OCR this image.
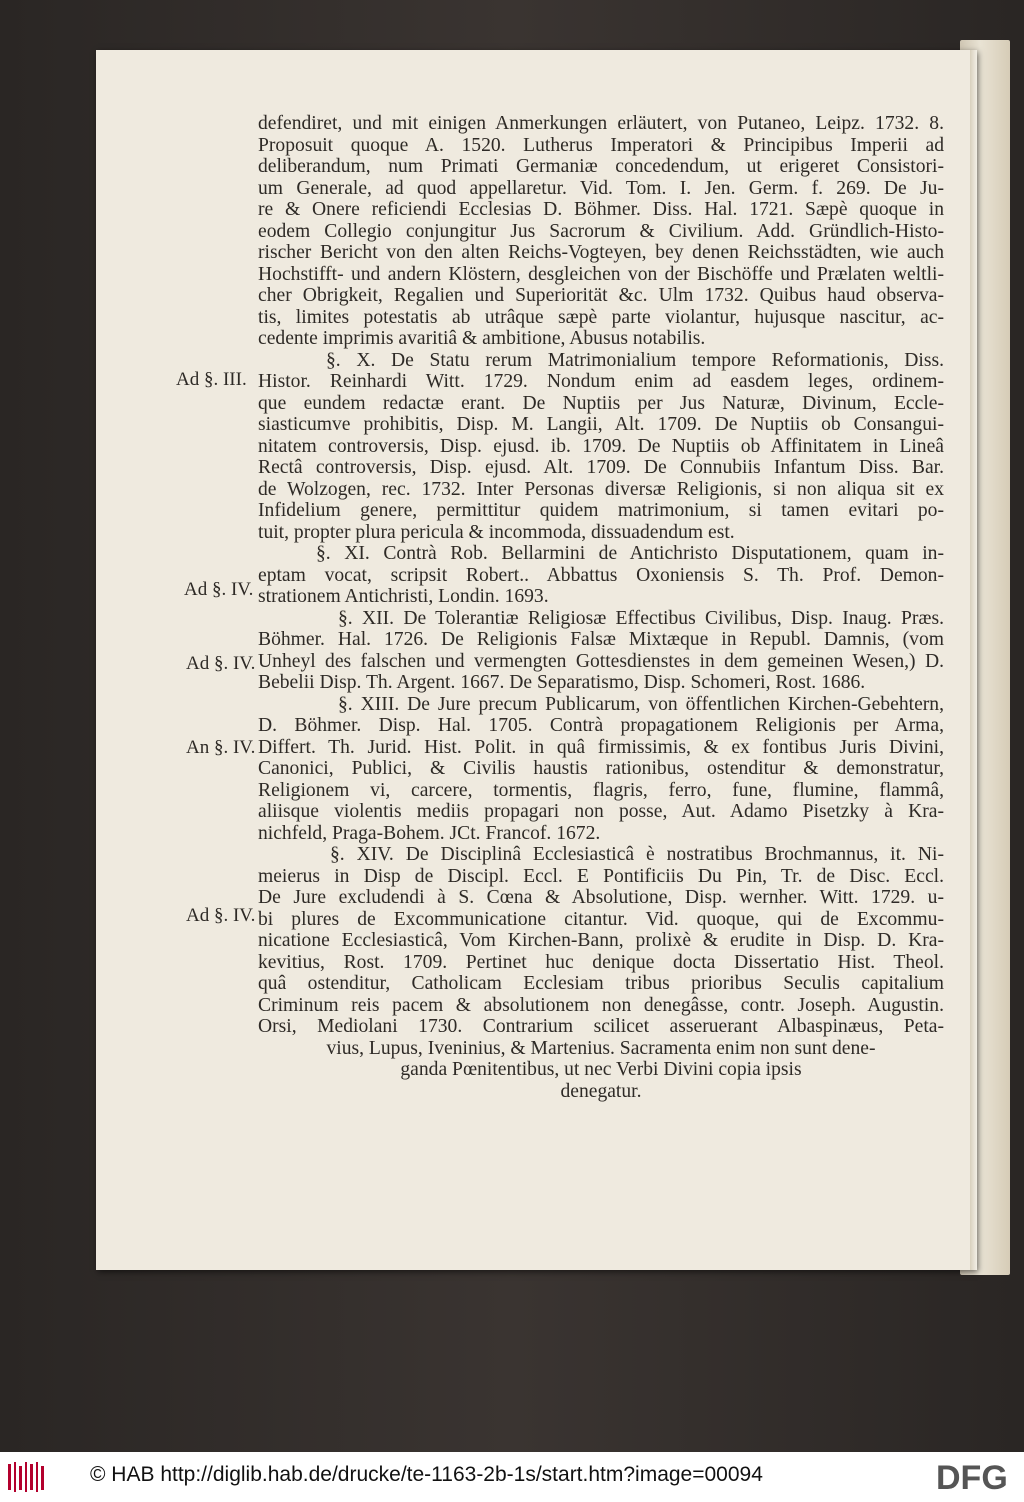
defendiret, und mit einigen Anmerkungen erläutert, von Putaneo, Leipz. 1732. 8.
Proposuit quoque A. 1520. Lutherus Imperatori & Principibus Imperii ad
deliberandum, num Primati Germaniæ concedendum, ut erigeret Consistori-
um Generale, ad quod appellaretur. Vid. Tom. I. Jen. Germ. f. 269. De Ju-
re & Onere reficiendi Ecclesias D. Böhmer. Diss. Hal. 1721. Sæpè quoque in
eodem Collegio conjungitur Jus Sacrorum & Civilium. Add. Gründlich-Histo-
rischer Bericht von den alten Reichs-Vogteyen, bey denen Reichsstädten, wie auch
Hochstifft- und andern Klöstern, desgleichen von der Bischöffe und Prælaten weltli-
cher Obrigkeit, Regalien und Superiorität &c. Ulm 1732. Quibus haud observa-
tis, limites potestatis ab utrâque sæpè parte violantur, hujusque nascitur, ac-
cedente imprimis avaritiâ & ambitione, Abusus notabilis.
§. X. De Statu rerum Matrimonialium tempore Reformationis, Diss.
Histor. Reinhardi Witt. 1729. Nondum enim ad easdem leges, ordinem-
que eundem redactæ erant. De Nuptiis per Jus Naturæ, Divinum, Eccle-
siasticumve prohibitis, Disp. M. Langii, Alt. 1709. De Nuptiis ob Consangui-
nitatem controversis, Disp. ejusd. ib. 1709. De Nuptiis ob Affinitatem in Lineâ
Rectâ controversis, Disp. ejusd. Alt. 1709. De Connubiis Infantum Diss. Bar.
de Wolzogen, rec. 1732. Inter Personas diversæ Religionis, si non aliqua sit ex
Infidelium genere, permittitur quidem matrimonium, si tamen evitari po-
tuit, propter plura pericula & incommoda, dissuadendum est.
§. XI. Contrà Rob. Bellarmini de Antichristo Disputationem, quam in-
eptam vocat, scripsit Robert.. Abbattus Oxoniensis S. Th. Prof. Demon-
strationem Antichristi, Londin. 1693.
§. XII. De Tolerantiæ Religiosæ Effectibus Civilibus, Disp. Inaug. Præs.
Böhmer. Hal. 1726. De Religionis Falsæ Mixtæque in Republ. Damnis, (vom
Unheyl des falschen und vermengten Gottesdienstes in dem gemeinen Wesen,) D.
Bebelii Disp. Th. Argent. 1667. De Separatismo, Disp. Schomeri, Rost. 1686.
§. XIII. De Jure precum Publicarum, von öffentlichen Kirchen-Gebehtern,
D. Böhmer. Disp. Hal. 1705. Contrà propagationem Religionis per Arma,
Differt. Th. Jurid. Hist. Polit. in quâ firmissimis, & ex fontibus Juris Divini,
Canonici, Publici, & Civilis haustis rationibus, ostenditur & demonstratur,
Religionem vi, carcere, tormentis, flagris, ferro, fune, flumine, flammâ,
aliisque violentis mediis propagari non posse, Aut. Adamo Pisetzky à Kra-
nichfeld, Praga-Bohem. JCt. Francof. 1672.
§. XIV. De Disciplinâ Ecclesiasticâ è nostratibus Brochmannus, it. Ni-
meierus in Disp de Discipl. Eccl. E Pontificiis Du Pin, Tr. de Disc. Eccl.
De Jure excludendi à S. Cœna & Absolutione, Disp. wernher. Witt. 1729. u-
bi plures de Excommunicatione citantur. Vid. quoque, qui de Excommu-
nicatione Ecclesiasticâ, Vom Kirchen-Bann, prolixè & erudite in Disp. D. Kra-
kevitius, Rost. 1709. Pertinet huc denique docta Dissertatio Hist. Theol.
quâ ostenditur, Catholicam Ecclesiam tribus prioribus Seculis capitalium
Criminum reis pacem & absolutionem non denegâsse, contr. Joseph. Augustin.
Orsi, Mediolani 1730. Contrarium scilicet asseruerant Albaspinæus, Peta-
vius, Lupus, Iveninius, & Martenius. Sacramenta enim non sunt dene-
ganda Pœnitentibus, ut nec Verbi Divini copia ipsis
denegatur.
Ad §. III.
Ad §. IV.
Ad §. IV.
An §. IV.
Ad §. IV.
© HAB http://diglib.hab.de/drucke/te-1163-2b-1s/start.htm?image=00094	DFG
